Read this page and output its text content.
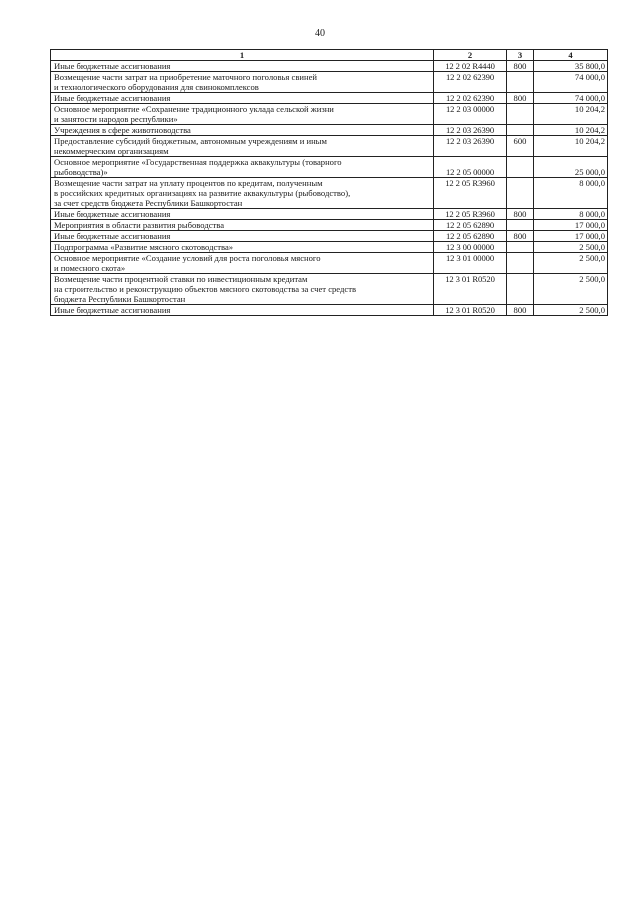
40
1	2	3	4
Иные бюджетные ассигнования	12 2 02 R4440	800	35 800,0
Возмещение части затрат на приобретение маточного поголовья свиней
и технологического оборудования для свинокомплексов	12 2 02 62390		74 000,0
Иные бюджетные ассигнования	12 2 02 62390	800	74 000,0
Основное мероприятие «Сохранение традиционного уклада сельской жизни
и занятости народов республики»	12 2 03 00000		10 204,2
Учреждения в сфере животноводства	12 2 03 26390		10 204,2
Предоставление субсидий бюджетным, автономным учреждениям и иным
некоммерческим организациям	12 2 03 26390	600	10 204,2
Основное мероприятие «Государственная поддержка аквакультуры (товарного
рыбоводства)»	12 2 05 00000		25 000,0
Возмещение части затрат на уплату процентов по кредитам, полученным
в российских кредитных организациях на развитие аквакультуры (рыбоводство),
за счет средств бюджета Республики Башкортостан	12 2 05 R3960		8 000,0
Иные бюджетные ассигнования	12 2 05 R3960	800	8 000,0
Мероприятия в области развития рыбоводства	12 2 05 62890		17 000,0
Иные бюджетные ассигнования	12 2 05 62890	800	17 000,0
Подпрограмма «Развитие мясного скотоводства»	12 3 00 00000		2 500,0
Основное мероприятие «Создание условий для роста поголовья мясного
и помесного скота»	12 3 01 00000		2 500,0
Возмещение части процентной ставки по инвестиционным кредитам
на строительство и реконструкцию объектов мясного скотоводства за счет средств
бюджета Республики Башкортостан	12 3 01 R0520		2 500,0
Иные бюджетные ассигнования	12 3 01 R0520	800	2 500,0
